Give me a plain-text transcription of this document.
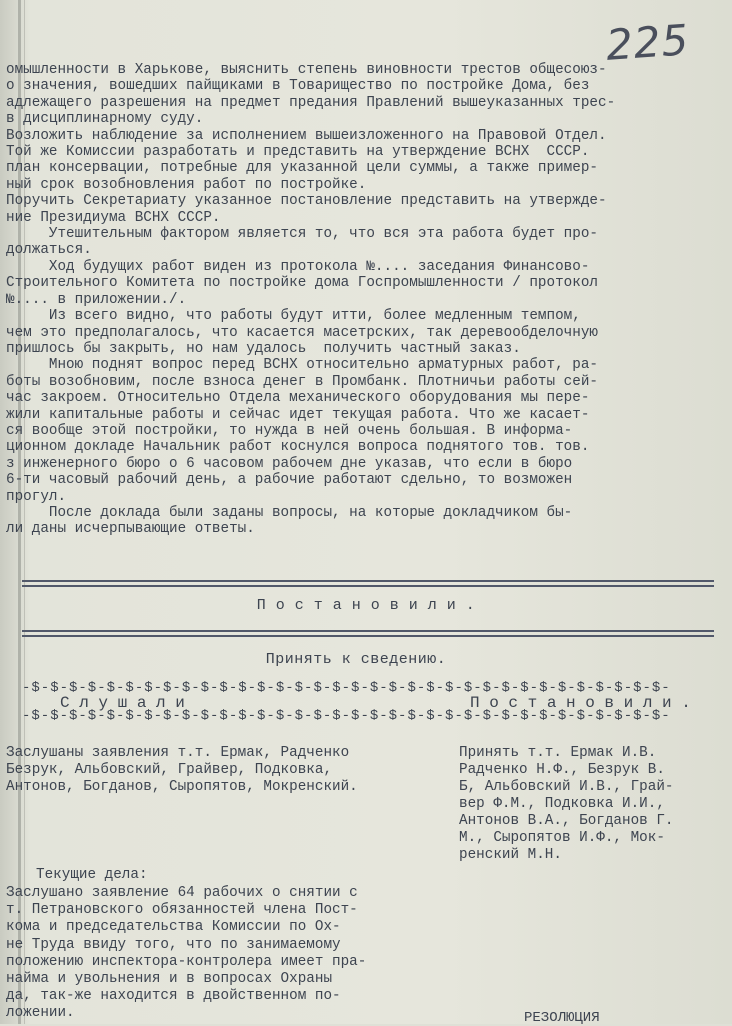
225
омышленности в Харькове, выяснить степень виновности трестов общесоюз-
о значения, вошедших пайщиками в Товарищество по постройке Дома, без
адлежащего разрешения на предмет предания Правлений вышеуказанных трес-
в дисциплинарному суду.
Возложить наблюдение за исполнением вышеизложенного на Правовой Отдел.
Той же Комиссии разработать и представить на утверждение ВСНХ  СССР.
план консервации, потребные для указанной цели суммы, а также пример-
ный срок возобновления работ по постройке.
Поручить Секретариату указанное постановление представить на утвержде-
ние Президиума ВСНХ СССР.
Утешительным фактором является то, что вся эта работа будет про-
должаться.
Ход будущих работ виден из протокола №.... заседания Финансово-
Строительного Комитета по постройке дома Госпромышленности / протокол
№.... в приложении./.
Из всего видно, что работы будут итти, более медленным темпом,
чем это предполагалось, что касается масетрских, так деревообделочную
пришлось бы закрыть, но нам удалось  получить частный заказ.
Мною поднят вопрос перед ВСНХ относительно арматурных работ, ра-
боты возобновим, после взноса денег в Промбанк. Плотничьи работы сей-
час закроем. Относительно Отдела механического оборудования мы пере-
жили капитальные работы и сейчас идет текущая работа. Что же касает-
ся вообще этой постройки, то нужда в ней очень большая. В информа-
ционном докладе Начальник работ коснулся вопроса поднятого тов. тов.
з инженерного бюро о 6 часовом рабочем дне указав, что если в бюро
6-ти часовый рабочий день, а рабочие работают сдельно, то возможен
прогул.
После доклада были заданы вопросы, на которые докладчиком бы-
ли даны исчерпывающие ответы.
П о с т а н о в и л и .
Принять к сведению.
-$-$-$-$-$-$-$-$-$-$-$-$-$-$-$-$-$-$-$-$-$-$-$-$-$-$-$-$-$-$-$-$-$-$-
С л у ш а л и	П о с т а н о в и л и .
-$-$-$-$-$-$-$-$-$-$-$-$-$-$-$-$-$-$-$-$-$-$-$-$-$-$-$-$-$-$-$-$-$-$-
Заслушаны заявления т.т. Ермак, Радченко
Безрук, Альбовский, Грайвер, Подковка,
Антонов, Богданов, Сыропятов, Мокренский.
Принять т.т. Ермак И.В.
Радченко Н.Ф., Безрук В.
Б, Альбовский И.В., Грай-
вер Ф.М., Подковка И.И.,
Антонов В.А., Богданов Г.
М., Сыропятов И.Ф., Мок-
ренский М.Н.
Текущие дела:
Заслушано заявление 64 рабочих о снятии с
т. Петрановского обязанностей члена Пост-
кома и председательства Комиссии по Ох-
не Труда ввиду того, что по занимаемому
положению инспектора-контролера имеет пра-
найма и увольнения и в вопросах Охраны
да, так-же находится в двойственном по-
ложении.	РЕЗОЛЮЦИЯ
